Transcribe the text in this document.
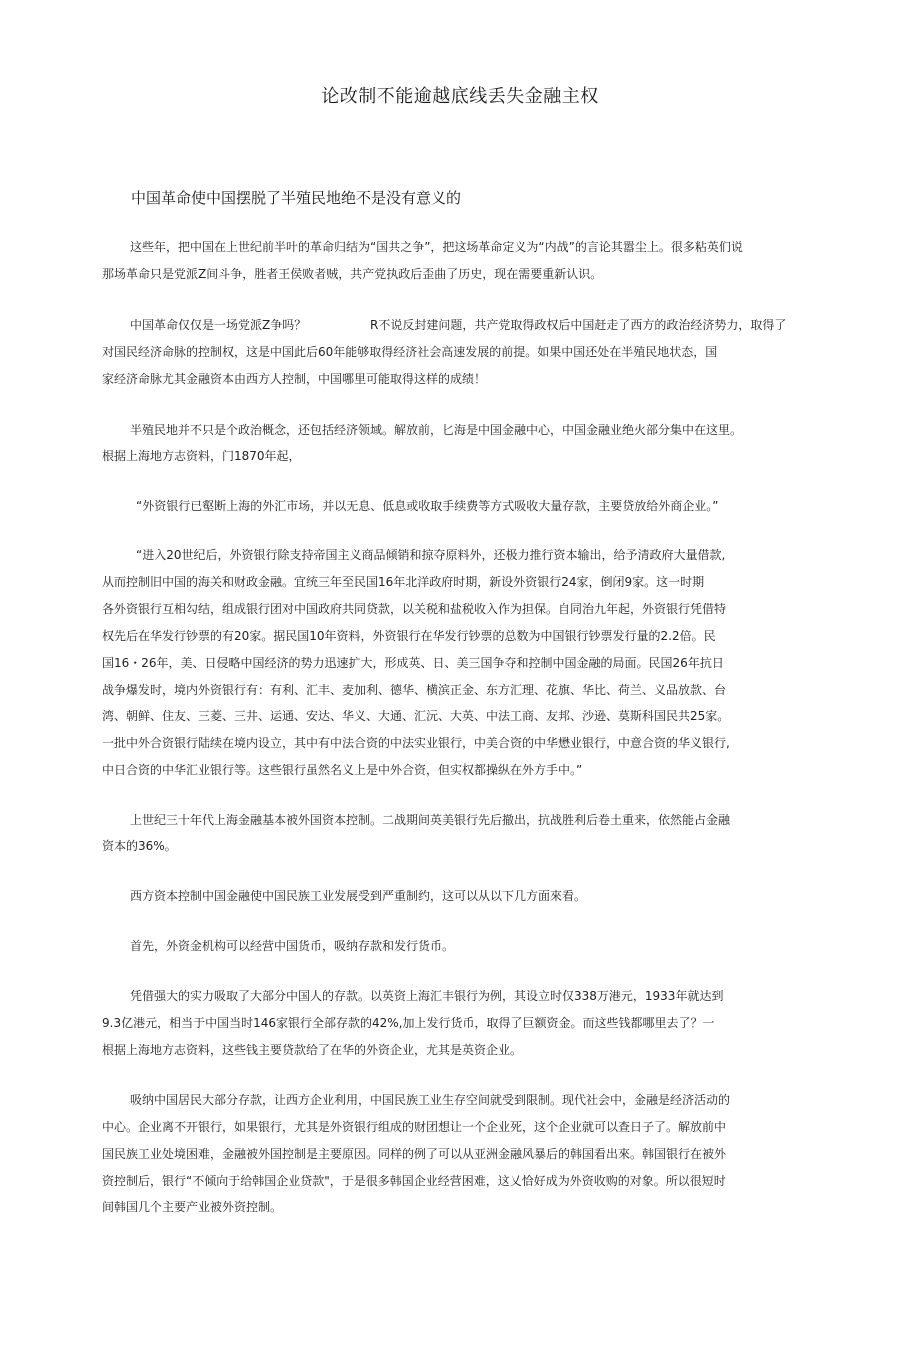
论改制不能逾越底线丢失金融主权
中国革命使中国摆脱了半殖民地绝不是没有意义的
这些年，把中国在上世纪前半叶的革命归结为“国共之争”，把这场革命定义为“内战”的言论其嚣尘上。很多粘英们说
那场革命只是党派Z间斗争，胜者王侯败者贼，共产党执政后歪曲了历史，现在需要重新认识。
中国革命仅仅是一场党派Z争吗？	R不说反封建问题，共产党取得政权后中国赶走了西方的政治经济势力，取得了
对国民经济命脉的控制权，这是中国此后60年能够取得经济社会高速发展的前提。如果中国还处在半殖民地状态，国
家经济命脉尤其金融资本由西方人控制，中国哪里可能取得这样的成绩！
半殖民地并不只是个政治概念，还包括经济领域。解放前，匕海是中国金融中心，中国金融业绝火部分集中在这里。
根据上海地方志资料，门1870年起，
“外资银行已壑断上海的外汇市场，并以无息、低息或收取手续费等方式吸收大量存款，主要贷放给外商企业。”
“进入20世纪后，外资银行除支持帝国主义商品倾销和掠夺原料外，还极力推行资本输出，给予清政府大量借款,
从而控制旧中国的海关和财政金融。宜统三年至民国16年北洋政府时期，新设外资银行24家，倒闭9家。这一时期
各外资银行互相勾结，组成银行团对中国政府共同贷款，以关税和盐税收入作为担保。自同治九年起，外资银行凭借特
权先后在华发行钞票的有20家。据民国10年资料，外资银行在华发行钞票的总数为中国银行钞票发行量的2.2倍。民
国16・26年，美、日侵略中国经济的势力迅速扩大，形成英、日、美三国争夺和控制中国金融的局面。民国26年抗日
战争爆发时，境内外资银行有：有利、汇丰、麦加利、德华、横滨正金、东方汇理、花旗、华比、荷兰、义品放款、台
湾、朝鲜、住友、三菱、三井、运通、安达、华义、大通、汇沅、大英、中法工商、友邦、沙逊、莫斯科国民共25家。
一批中外合资银行陆续在境内设立，其中有中法合资的中法实业银行，中美合资的中华懋业银行，中意合资的华义银行,
中日合资的中华汇业银行等。这些银行虽然名义上是中外合资，但实权都操纵在外方手中。”
上世纪三十年代上海金融基本被外国资本控制。二战期间英美银行先后撤出，抗战胜利后卷土重来，依然能占金融
资本的36%。
西方资本控制中国金融使中国民族工业发展受到严重制约，这可以从以下几方面來看。
首先，外资金机构可以经营中国货币，吸纳存款和发行货币。
凭借强大的实力吸取了大部分中国人的存款。以英资上海汇丰银行为例，其设立时仅338万港元，1933年就达到
9.3亿港元，相当于中国当时146家银行全部存款的42%,加上发行货币，取得了巨额资金。而这些钱都哪里去了？一
根据上海地方志资料，这些钱主要贷款给了在华的外资企业，尤其是英资企业。
吸纳中国居民大部分存款，让西方企业利用，中国民族工业生存空间就受到限制。现代社会中，金融是经济活动的
中心。企业离不开银行，如果银行，尤其是外资银行组成的财团想让一个企业死，这个企业就可以查日子了。解放前中
国民族工业处境困难，金融被外国控制是主要原因。同样的例了可以从亚洲金融风暴后的韩国看出來。韩国银行在被外
资控制后，银行“不倾向于给韩国企业贷款"，于是很多韩国企业经营困难，这乂恰好成为外资收购的对象。所以很短时
间韩国几个主要产业被外资控制。
